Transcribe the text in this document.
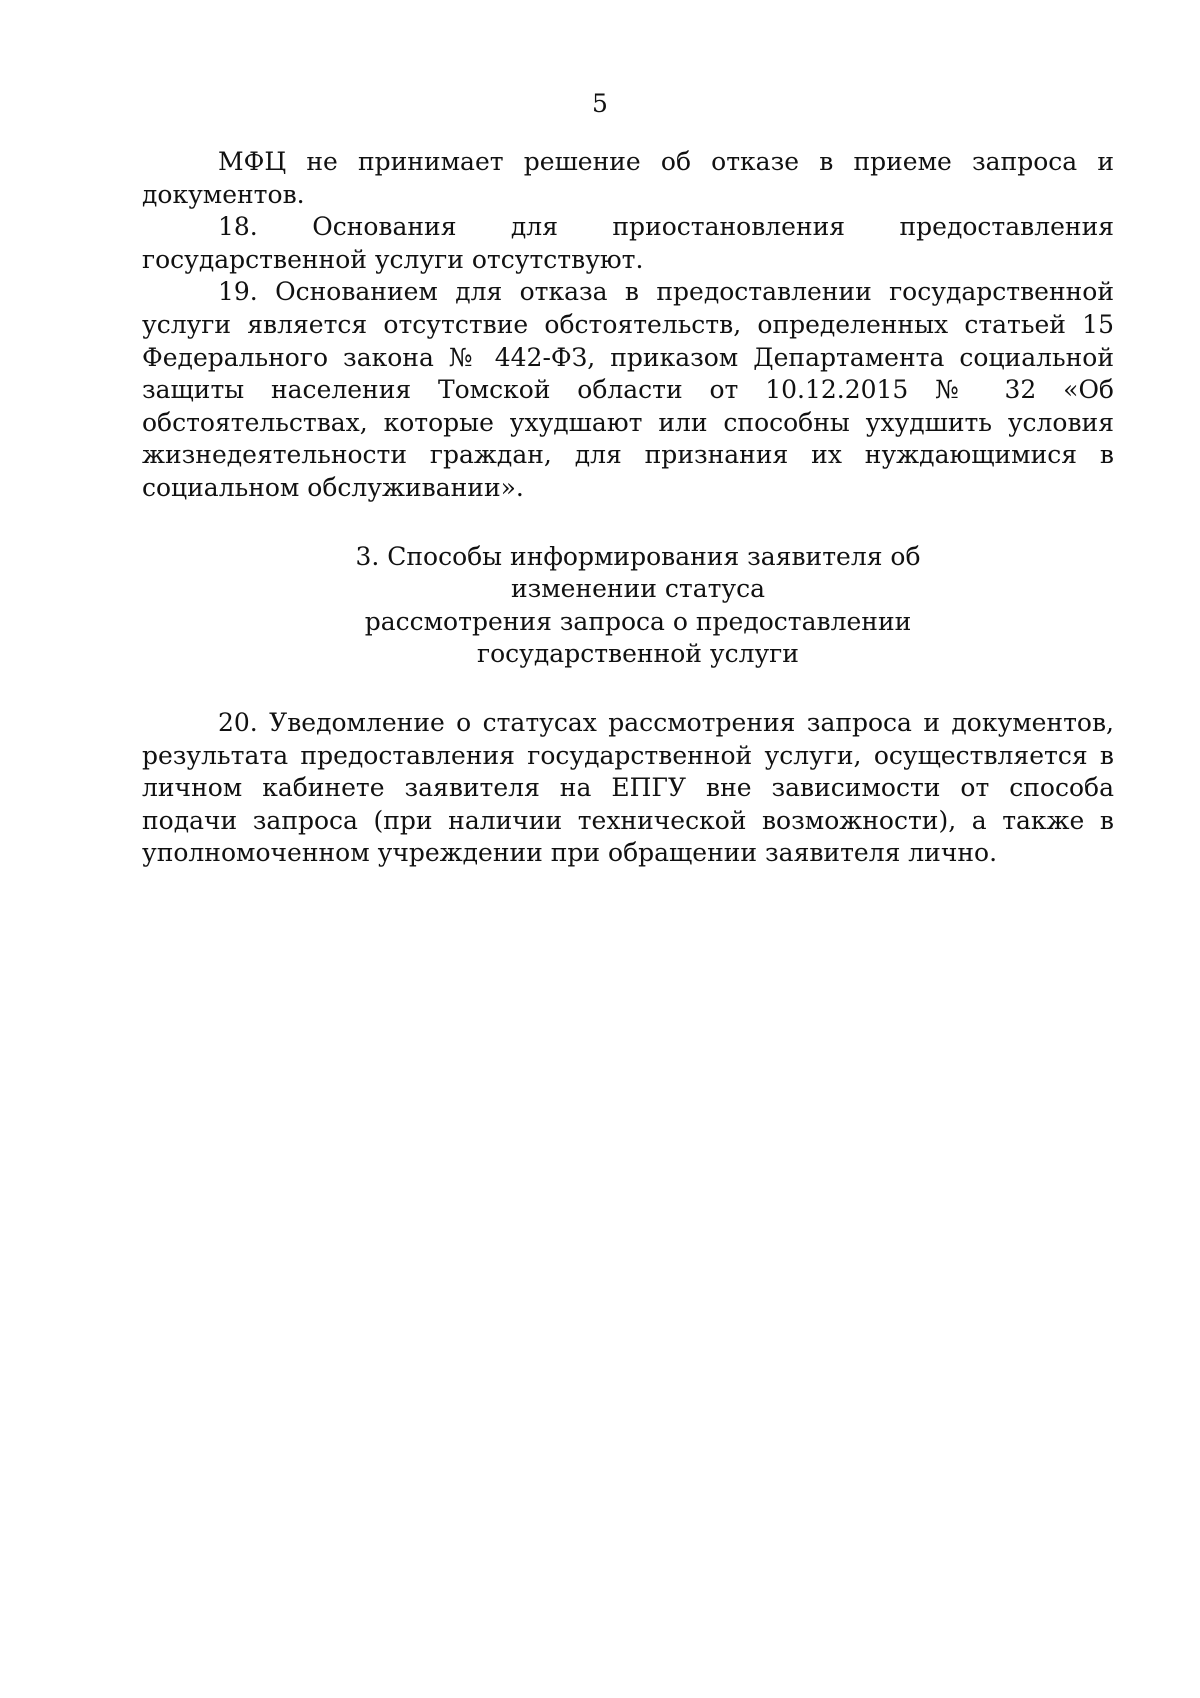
5

МФЦ не принимает решение об отказе в приеме запроса и документов.

18. Основания для приостановления предоставления государственной услуги отсутствуют.

19. Основанием для отказа в предоставлении государственной услуги является отсутствие обстоятельств, определенных статьей 15 Федерального закона № 442-ФЗ, приказом Департамента социальной защиты населения Томской области от 10.12.2015 № 32 «Об обстоятельствах, которые ухудшают или способны ухудшить условия жизнедеятельности граждан, для признания их нуждающимися в социальном обслуживании».

3. Способы информирования заявителя об изменении статуса
рассмотрения запроса о предоставлении государственной услуги

20. Уведомление о статусах рассмотрения запроса и документов, результата предоставления государственной услуги, осуществляется в личном кабинете заявителя на ЕПГУ вне зависимости от способа подачи запроса (при наличии технической возможности), а также в уполномоченном учреждении при обращении заявителя лично.
